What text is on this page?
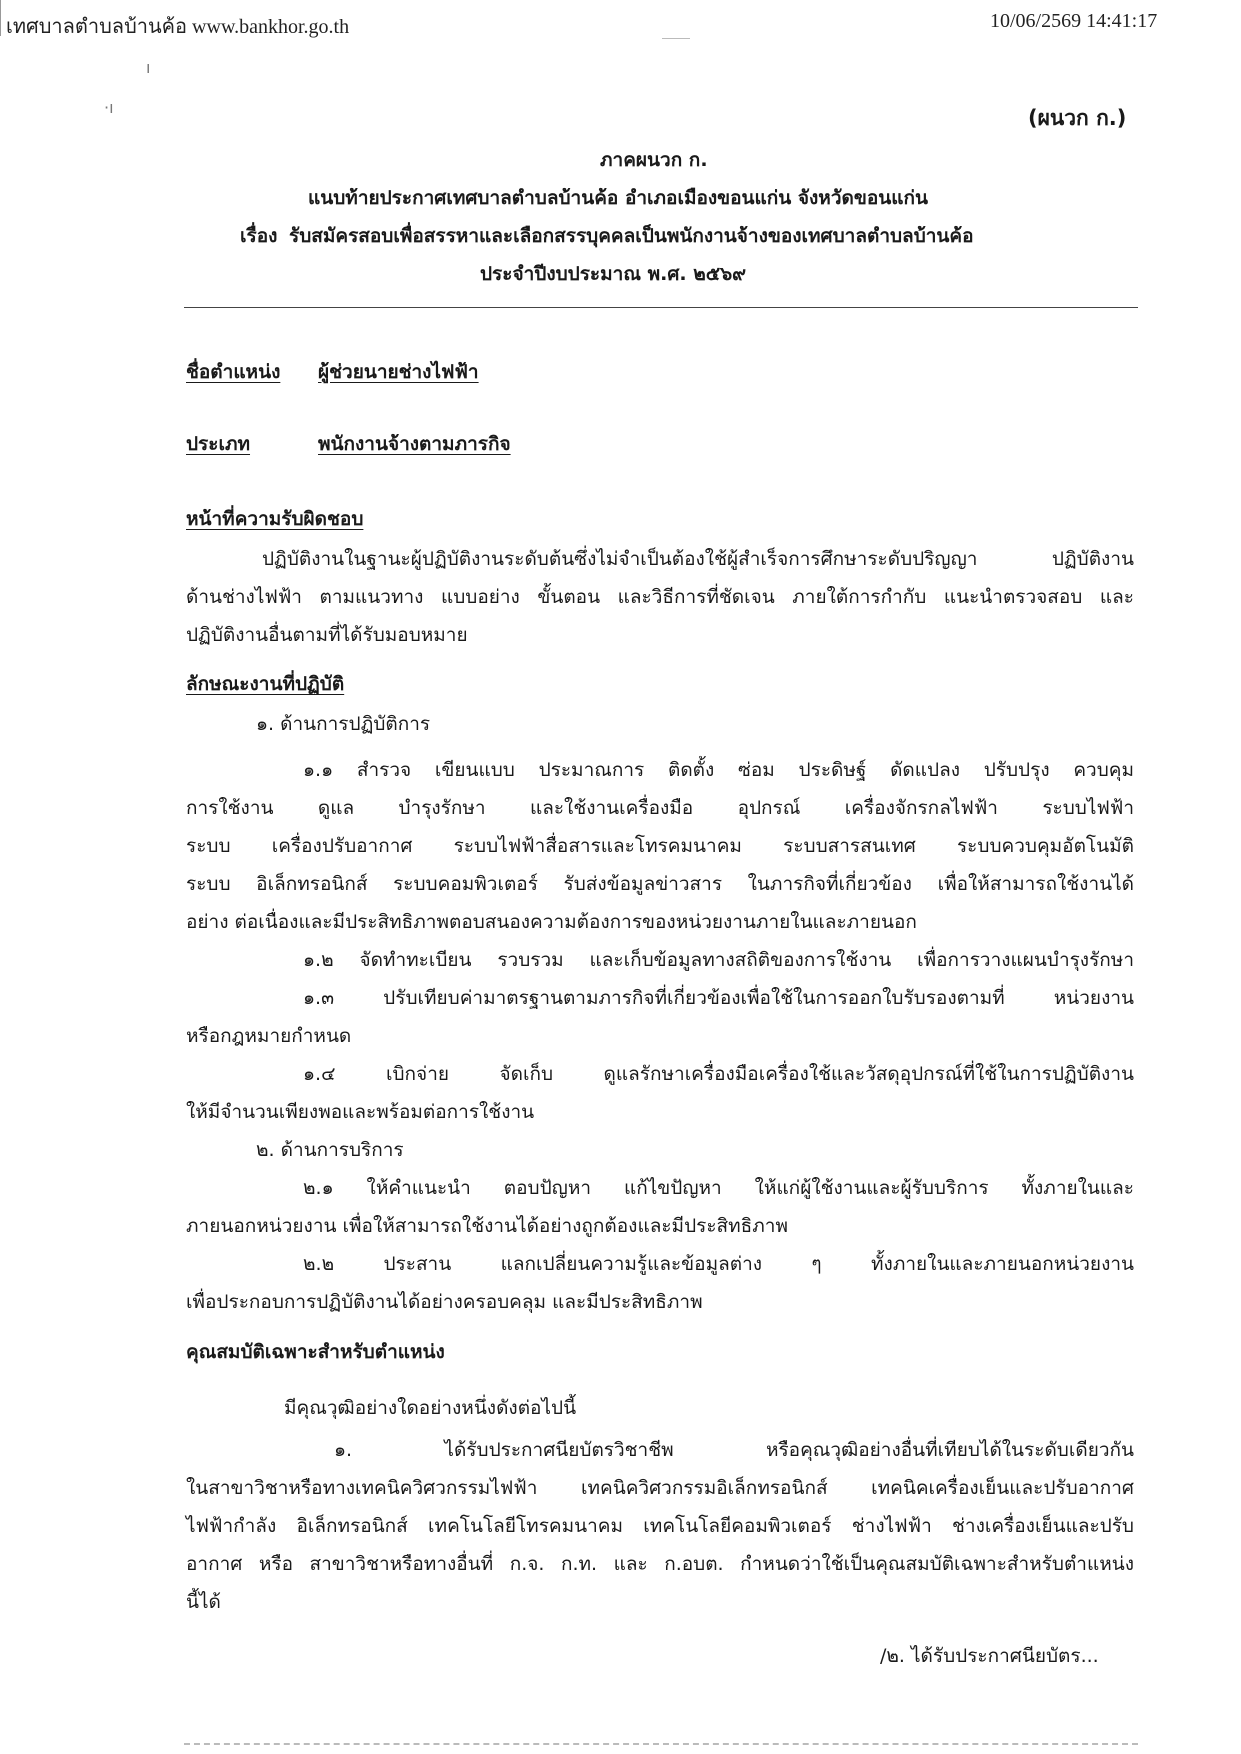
ı
·ı
เทศบาลตำบลบ้านค้อ www.bankhor.go.th	10/06/2569 14:41:17
(ผนวก ก.)
ภาคผนวก ก.
แนบท้ายประกาศเทศบาลตำบลบ้านค้อ อำเภอเมืองขอนแก่น จังหวัดขอนแก่น
เรื่อง รับสมัครสอบเพื่อสรรหาและเลือกสรรบุคคลเป็นพนักงานจ้างของเทศบาลตำบลบ้านค้อ
ประจำปีงบประมาณ พ.ศ. ๒๕๖๙
ชื่อตำแหน่ง ผู้ช่วยนายช่างไฟฟ้า
ประเภท	พนักงานจ้างตามภารกิจ
หน้าที่ความรับผิดชอบ
ปฏิบัติงานในฐานะผู้ปฏิบัติงานระดับต้นซึ่งไม่จำเป็นต้องใช้ผู้สำเร็จการศึกษาระดับปริญญา ปฏิบัติงาน
ด้านช่างไฟฟ้า ตามแนวทาง แบบอย่าง ขั้นตอน และวิธีการที่ชัดเจน ภายใต้การกำกับ แนะนำตรวจสอบ และ
ปฏิบัติงานอื่นตามที่ได้รับมอบหมาย
ลักษณะงานที่ปฏิบัติ
๑. ด้านการปฏิบัติการ
๑.๑ สำรวจ เขียนแบบ ประมาณการ ติดตั้ง ซ่อม ประดิษฐ์ ดัดแปลง ปรับปรุง ควบคุม
การใช้งาน ดูแล บำรุงรักษา และใช้งานเครื่องมือ อุปกรณ์ เครื่องจักรกลไฟฟ้า ระบบไฟฟ้า
ระบบ เครื่องปรับอากาศ ระบบไฟฟ้าสื่อสารและโทรคมนาคม ระบบสารสนเทศ ระบบควบคุมอัตโนมัติ
ระบบ อิเล็กทรอนิกส์ ระบบคอมพิวเตอร์ รับส่งข้อมูลข่าวสาร ในภารกิจที่เกี่ยวข้อง เพื่อให้สามารถใช้งานได้
อย่าง ต่อเนื่องและมีประสิทธิภาพตอบสนองความต้องการของหน่วยงานภายในและภายนอก
๑.๒ จัดทำทะเบียน รวบรวม และเก็บข้อมูลทางสถิติของการใช้งาน เพื่อการวางแผนบำรุงรักษา
๑.๓ ปรับเทียบค่ามาตรฐานตามภารกิจที่เกี่ยวข้องเพื่อใช้ในการออกใบรับรองตามที่ หน่วยงาน
หรือกฎหมายกำหนด
๑.๔ เบิกจ่าย จัดเก็บ ดูแลรักษาเครื่องมือเครื่องใช้และวัสดุอุปกรณ์ที่ใช้ในการปฏิบัติงาน
ให้มีจำนวนเพียงพอและพร้อมต่อการใช้งาน
๒. ด้านการบริการ
๒.๑ ให้คำแนะนำ ตอบปัญหา แก้ไขปัญหา ให้แก่ผู้ใช้งานและผู้รับบริการ ทั้งภายในและ
ภายนอกหน่วยงาน เพื่อให้สามารถใช้งานได้อย่างถูกต้องและมีประสิทธิภาพ
๒.๒ ประสาน แลกเปลี่ยนความรู้และข้อมูลต่าง ๆ ทั้งภายในและภายนอกหน่วยงาน
เพื่อประกอบการปฏิบัติงานได้อย่างครอบคลุม และมีประสิทธิภาพ
คุณสมบัติเฉพาะสำหรับตำแหน่ง
มีคุณวุฒิอย่างใดอย่างหนึ่งดังต่อไปนี้
๑. ได้รับประกาศนียบัตรวิชาชีพ หรือคุณวุฒิอย่างอื่นที่เทียบได้ในระดับเดียวกัน
ในสาขาวิชาหรือทางเทคนิควิศวกรรมไฟฟ้า เทคนิควิศวกรรมอิเล็กทรอนิกส์ เทคนิคเครื่องเย็นและปรับอากาศ
ไฟฟ้ากำลัง อิเล็กทรอนิกส์ เทคโนโลยีโทรคมนาคม เทคโนโลยีคอมพิวเตอร์ ช่างไฟฟ้า ช่างเครื่องเย็นและปรับ
อากาศ หรือ สาขาวิชาหรือทางอื่นที่ ก.จ. ก.ท. และ ก.อบต. กำหนดว่าใช้เป็นคุณสมบัติเฉพาะสำหรับตำแหน่ง
นี้ได้
/๒. ได้รับประกาศนียบัตร...
